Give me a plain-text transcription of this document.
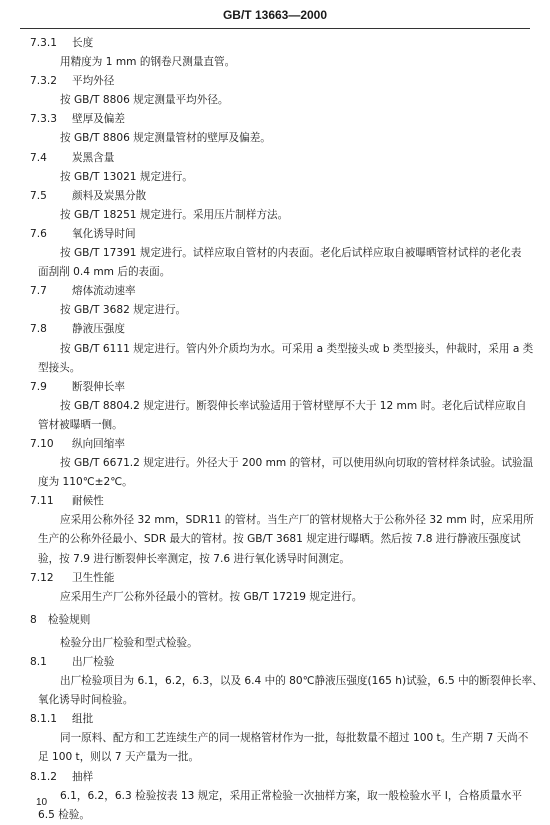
GB/T 13663—2000
7.3.1 长度
用精度为 1 mm 的钢卷尺测量直管。
7.3.2 平均外径
按 GB/T 8806 规定测量平均外径。
7.3.3 壁厚及偏差
按 GB/T 8806 规定测量管材的壁厚及偏差。
7.4 炭黑含量
按 GB/T 13021 规定进行。
7.5 颜料及炭黑分散
按 GB/T 18251 规定进行。采用压片制样方法。
7.6 氧化诱导时间
按 GB/T 17391 规定进行。试样应取自管材的内表面。老化后试样应取自被曝晒管材试样的老化表
面刮削 0.4 mm 后的表面。
7.7 熔体流动速率
按 GB/T 3682 规定进行。
7.8 静液压强度
按 GB/T 6111 规定进行。管内外介质均为水。可采用 a 类型接头或 b 类型接头，仲裁时，采用 a 类
型接头。
7.9 断裂伸长率
按 GB/T 8804.2 规定进行。断裂伸长率试验适用于管材壁厚不大于 12 mm 时。老化后试样应取自
管材被曝晒一侧。
7.10 纵向回缩率
按 GB/T 6671.2 规定进行。外径大于 200 mm 的管材，可以使用纵向切取的管材样条试验。试验温
度为 110℃±2℃。
7.11 耐候性
应采用公称外径 32 mm，SDR11 的管材。当生产厂的管材规格大于公称外径 32 mm 时，应采用所
生产的公称外径最小、SDR 最大的管材。按 GB/T 3681 规定进行曝晒。然后按 7.8 进行静液压强度试
验，按 7.9 进行断裂伸长率测定，按 7.6 进行氧化诱导时间测定。
7.12 卫生性能
应采用生产厂公称外径最小的管材。按 GB/T 17219 规定进行。
8 检验规则
检验分出厂检验和型式检验。
8.1 出厂检验
出厂检验项目为 6.1，6.2，6.3，以及 6.4 中的 80℃静液压强度(165 h)试验，6.5 中的断裂伸长率、
氧化诱导时间检验。
8.1.1 组批
同一原料、配方和工艺连续生产的同一规格管材作为一批，每批数量不超过 100 t。生产期 7 天尚不
足 100 t，则以 7 天产量为一批。
8.1.2 抽样
6.1，6.2，6.3 检验按表 13 规定，采用正常检验一次抽样方案，取一般检验水平 Ⅰ，合格质量水平
6.5 检验。
10
